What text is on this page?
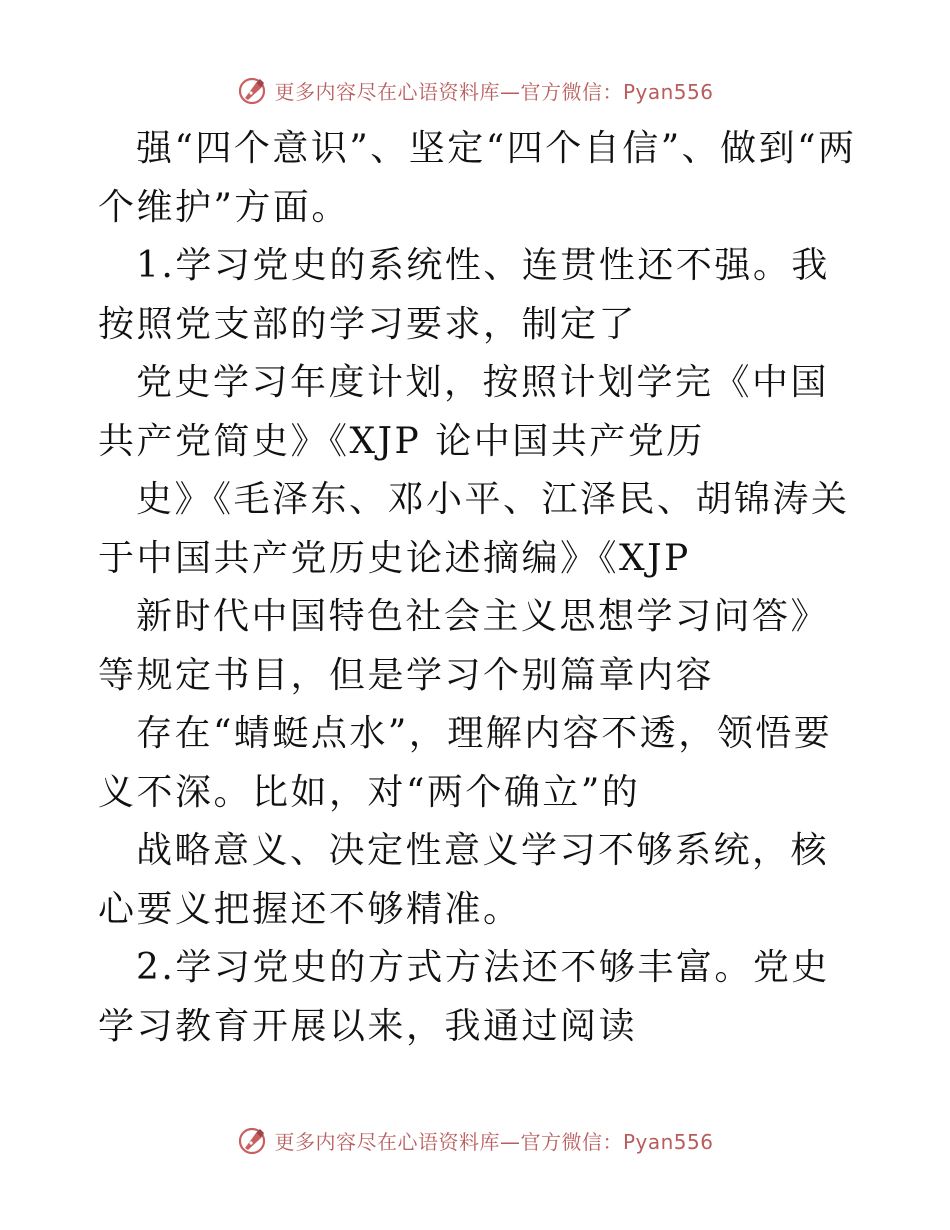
更多内容尽在心语资料库—官方微信：Pyan556

强“四个意识”、坚定“四个自信”、做到“两个维护”方面。

1.学习党史的系统性、连贯性还不强。我按照党支部的学习要求，制定了

党史学习年度计划，按照计划学完《中国共产党简史》《XJP 论中国共产党历

史》《毛泽东、邓小平、江泽民、胡锦涛关于中国共产党历史论述摘编》《XJP

新时代中国特色社会主义思想学习问答》等规定书目，但是学习个别篇章内容

存在“蜻蜓点水”，理解内容不透，领悟要义不深。比如，对“两个确立”的

战略意义、决定性意义学习不够系统，核心要义把握还不够精准。

2.学习党史的方式方法还不够丰富。党史学习教育开展以来，我通过阅读

更多内容尽在心语资料库—官方微信：Pyan556
